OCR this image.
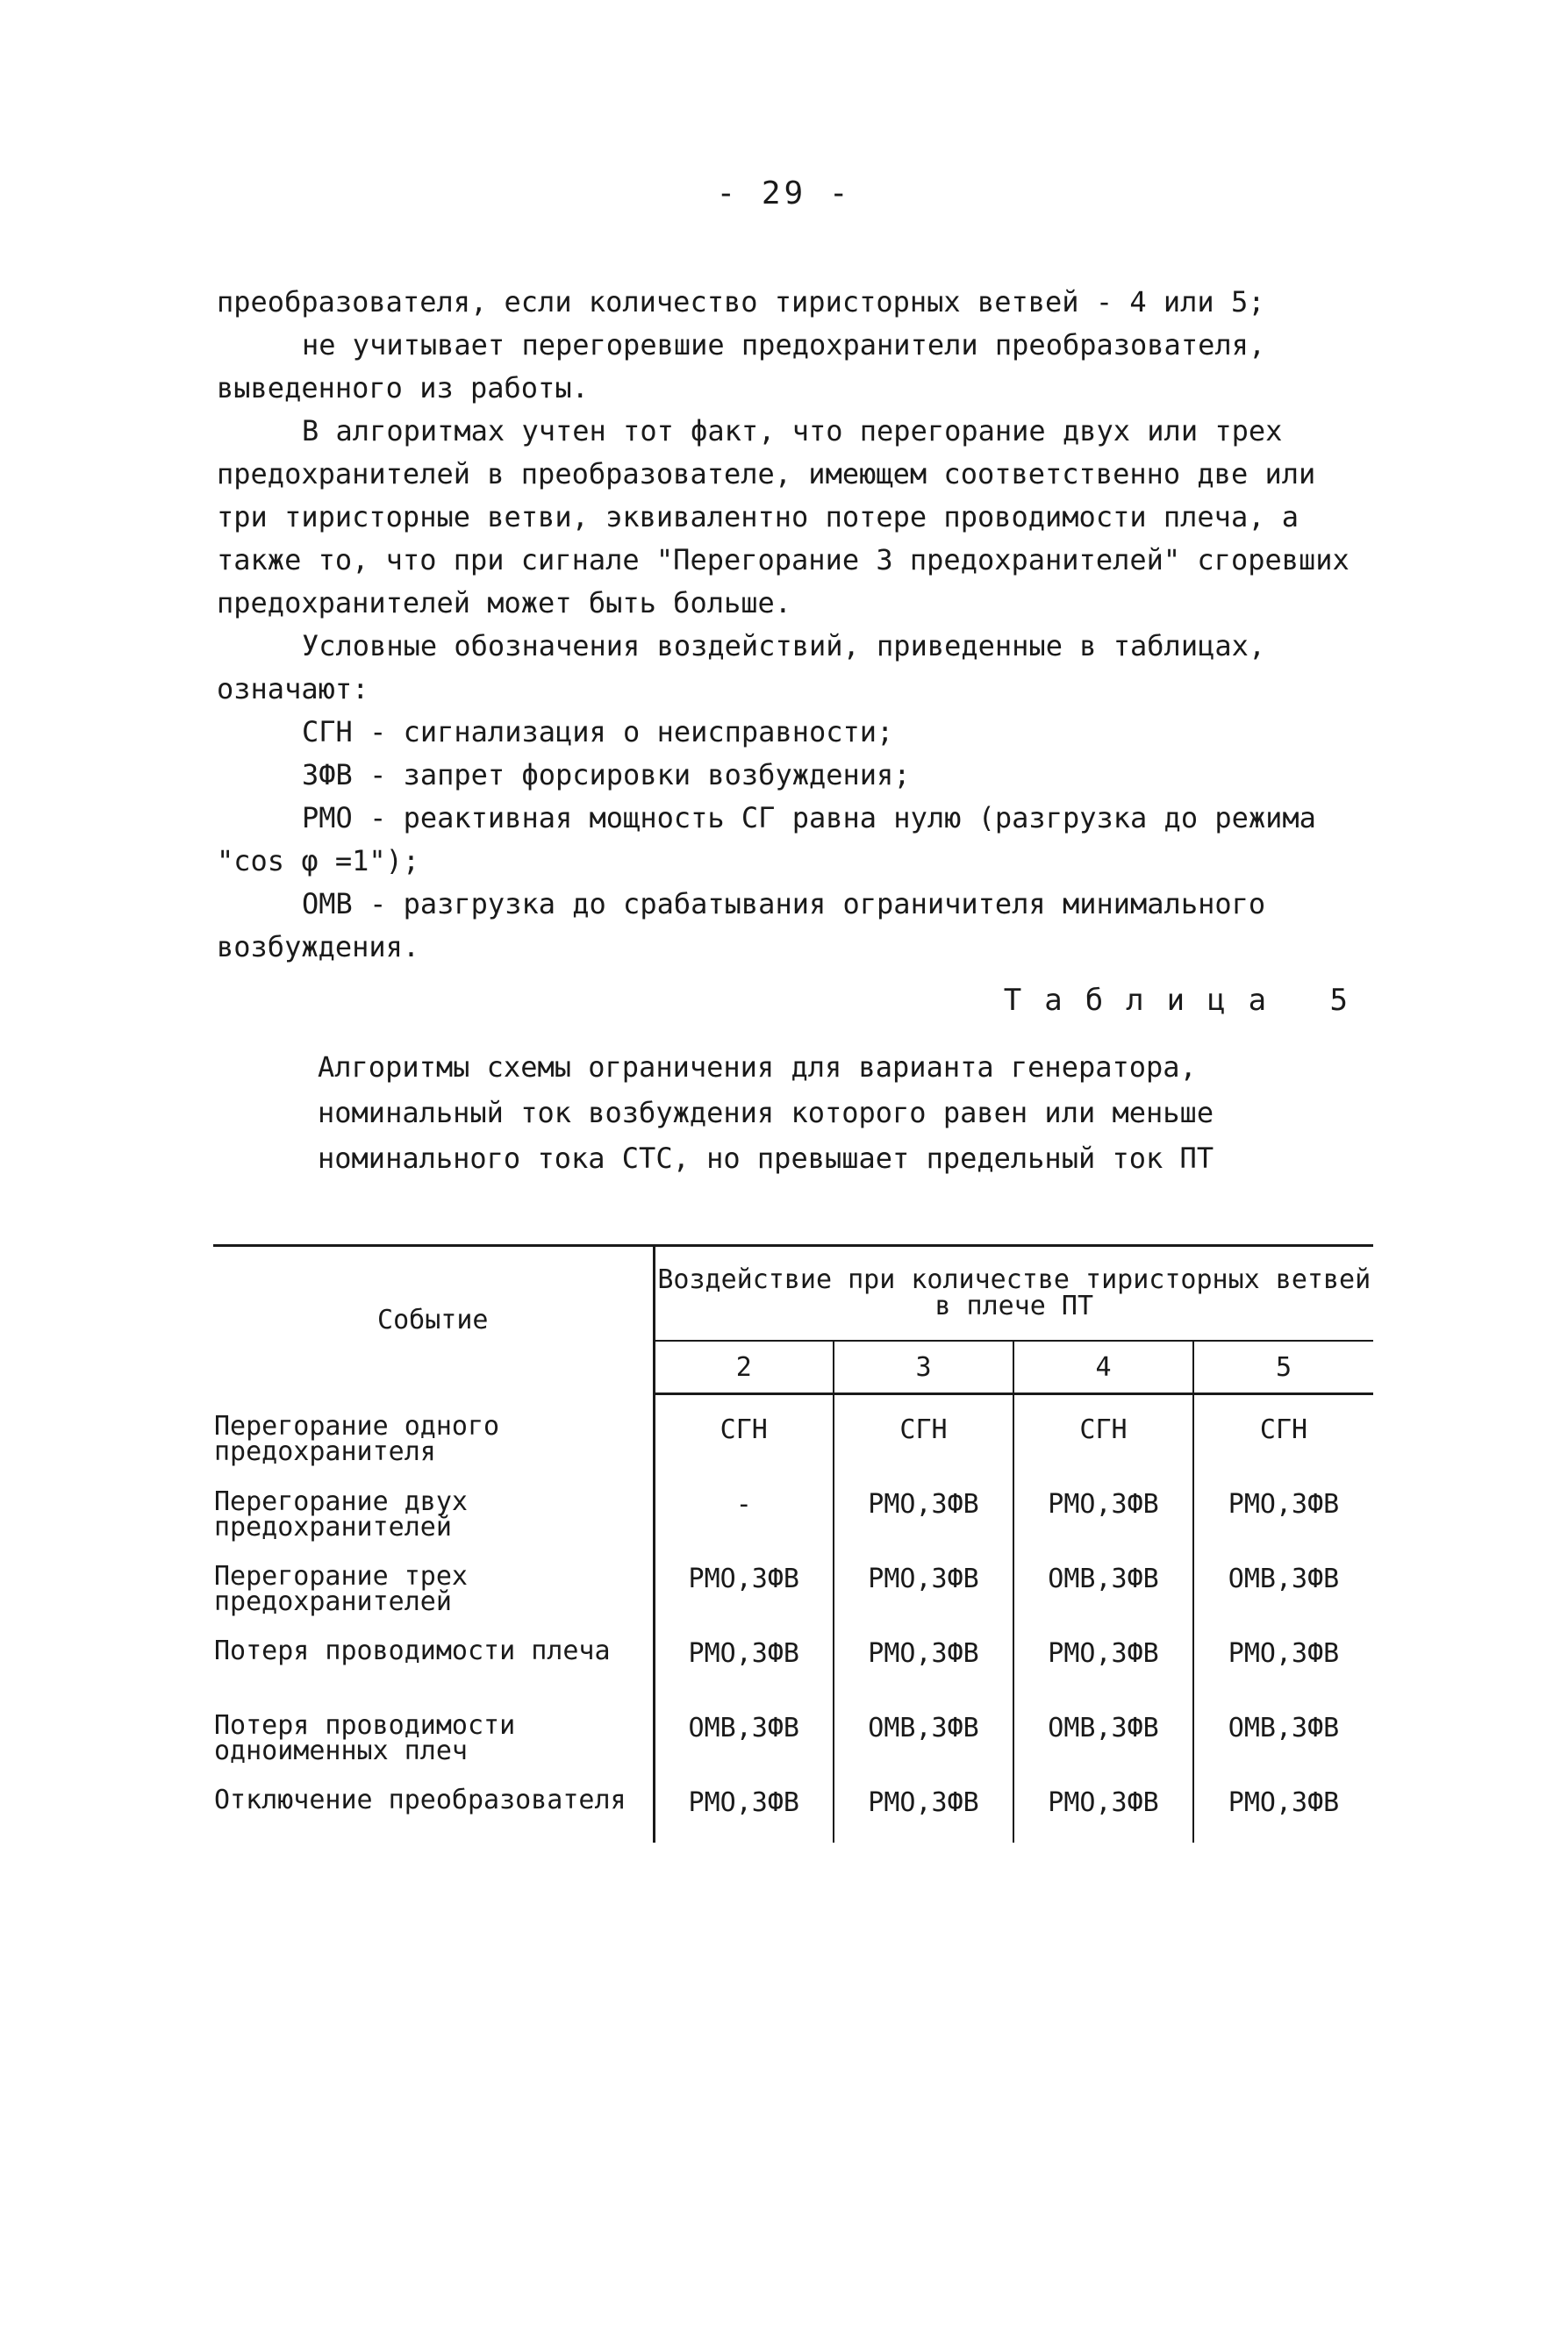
- 29 -

преобразователя, если количество тиристорных ветвей - 4 или 5;

не учитывает перегоревшие предохранители преобразователя, выведенного из работы.

В алгоритмах учтен тот факт, что перегорание двух или трех предохранителей в преобразователе, имеющем соответственно две или три тиристорные ветви, эквивалентно потере проводимости плеча, а также то, что при сигнале "Перегорание 3 предохранителей" сгоревших предохранителей может быть больше.

Условные обозначения воздействий, приведенные в таблицах, означают:

СГН - сигнализация о неисправности;

ЗФВ - запрет форсировки возбуждения;

РМО - реактивная мощность СГ равна нулю (разгрузка до режима "cos φ =1");

ОМВ - разгрузка до срабатывания ограничителя минимального возбуждения.

Таблица 5
Алгоритмы схемы ограничения для варианта генератора, номинальный ток возбуждения которого равен или меньше номинального тока СТС, но превышает предельный ток ПТ
Событие	Воздействие при количестве тиристорных ветвей в плече ПТ			
	2	3	4	5
Перегорание одного предохранителя	СГН	СГН	СГН	СГН
Перегорание двух предохранителей	-	РМО,ЗФВ	РМО,ЗФВ	РМО,ЗФВ
Перегорание трех предохранителей	РМО,ЗФВ	РМО,ЗФВ	ОМВ,ЗФВ	ОМВ,ЗФВ
Потеря проводимости плеча	РМО,ЗФВ	РМО,ЗФВ	РМО,ЗФВ	РМО,ЗФВ
Потеря проводимости одноименных плеч	ОМВ,ЗФВ	ОМВ,ЗФВ	ОМВ,ЗФВ	ОМВ,ЗФВ
Отключение преобразователя	РМО,ЗФВ	РМО,ЗФВ	РМО,ЗФВ	РМО,ЗФВ
